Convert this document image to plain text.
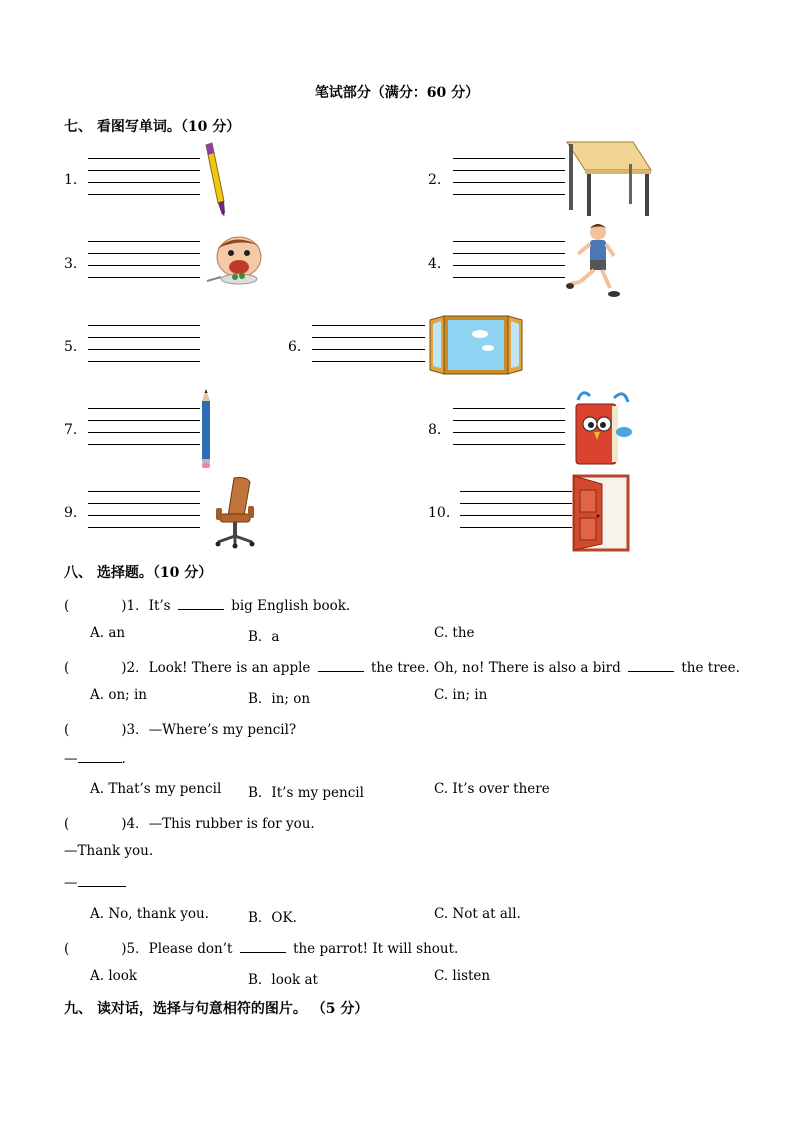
笔试部分（满分：60 分）
七、 看图写单词。（10 分）
1.	2.
3.	4.
5.	6.
7.	8.
9.	10.
八、 选择题。（10 分）
(	)1．It’s	big English book.
A. an	B．a	C. the
(	)2．Look! There is an apple	the tree. Oh, no! There is also a bird	the tree.
A. on; in	B．in; on	C. in; in
(	)3．—Where’s my pencil?
—	.
A. That’s my pencil B．It’s my pencil	C. It’s over there
(	)4．—This rubber is for you.
—Thank you.
—
A. No, thank you.	B．OK.	C. Not at all.
(	)5．Please don’t	the parrot! It will shout.
A. look	B．look at	C. listen
九、 读对话，选择与句意相符的图片。 （5 分）
